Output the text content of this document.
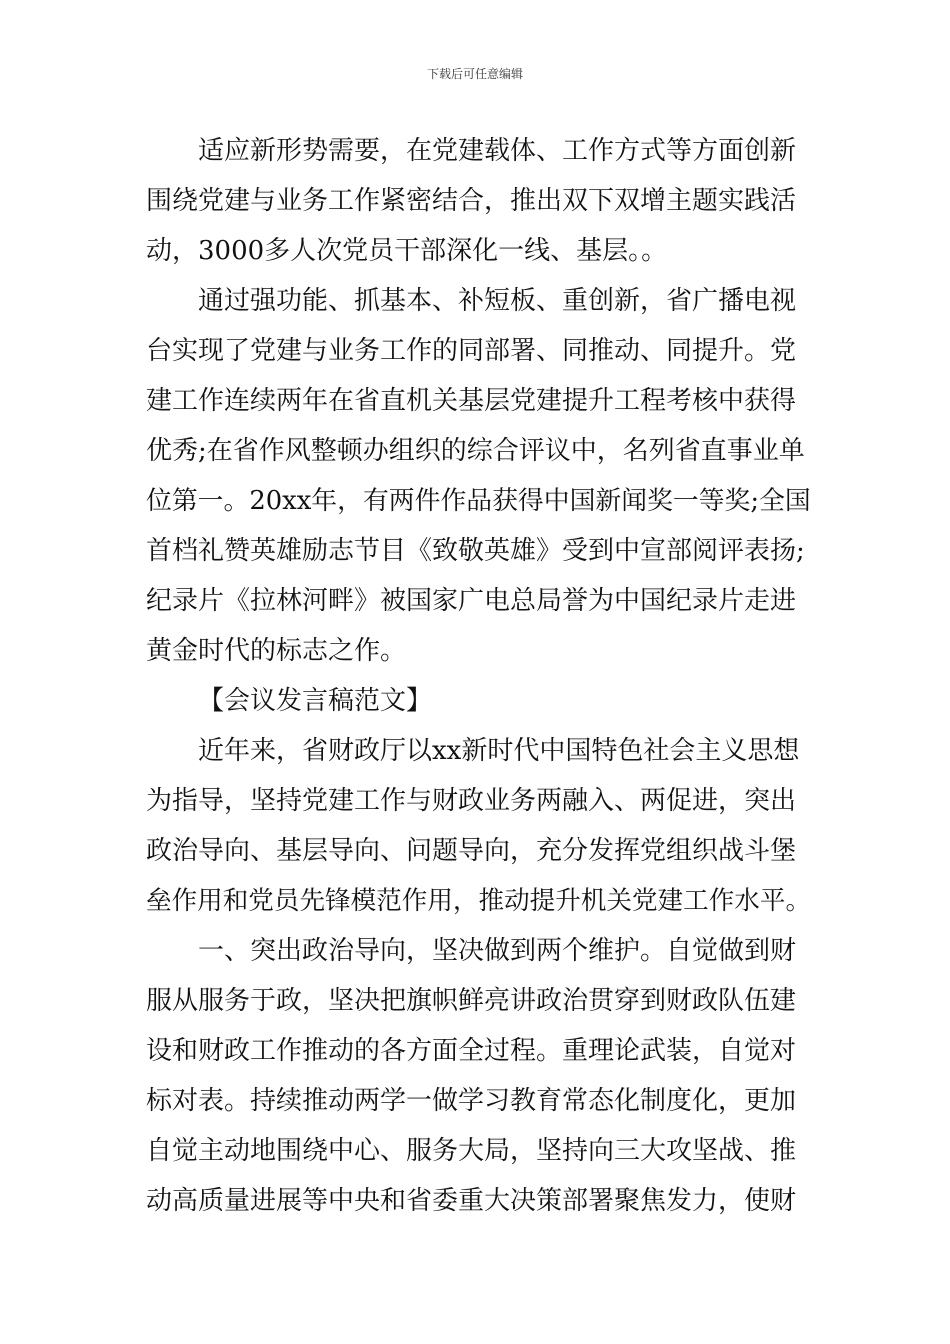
下载后可任意编辑
适应新形势需要，在党建载体、工作方式等方面创新
围绕党建与业务工作紧密结合，推出双下双增主题实践活
动，3000多人次党员干部深化一线、基层。。
通过强功能、抓基本、补短板、重创新，省广播电视
台实现了党建与业务工作的同部署、同推动、同提升。党
建工作连续两年在省直机关基层党建提升工程考核中获得
优秀;在省作风整顿办组织的综合评议中，名列省直事业单
位第一。20xx年，有两件作品获得中国新闻奖一等奖;全国
首档礼赞英雄励志节目《致敬英雄》受到中宣部阅评表扬;
纪录片《拉林河畔》被国家广电总局誉为中国纪录片走进
黄金时代的标志之作。
【会议发言稿范文】
近年来，省财政厅以xx新时代中国特色社会主义思想
为指导，坚持党建工作与财政业务两融入、两促进，突出
政治导向、基层导向、问题导向，充分发挥党组织战斗堡
垒作用和党员先锋模范作用，推动提升机关党建工作水平。
一、突出政治导向，坚决做到两个维护。自觉做到财
服从服务于政，坚决把旗帜鲜亮讲政治贯穿到财政队伍建
设和财政工作推动的各方面全过程。重理论武装，自觉对
标对表。持续推动两学一做学习教育常态化制度化，更加
自觉主动地围绕中心、服务大局，坚持向三大攻坚战、推
动高质量进展等中央和省委重大决策部署聚焦发力，使财
